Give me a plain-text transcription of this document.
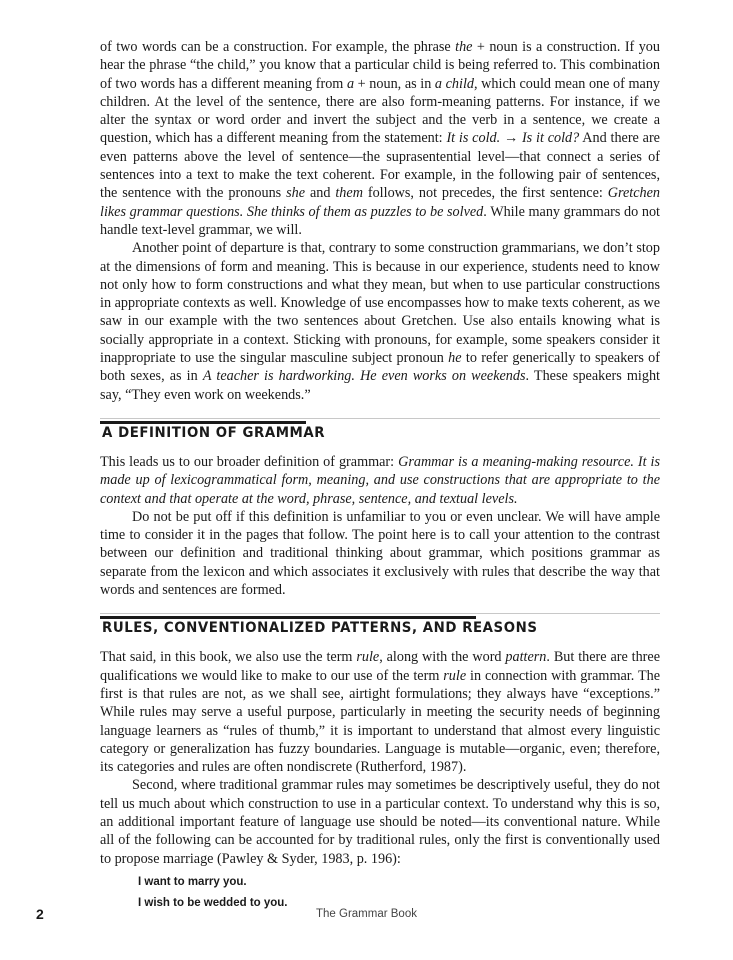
of two words can be a construction. For example, the phrase the + noun is a construction. If you hear the phrase “the child,” you know that a particular child is being referred to. This combination of two words has a different meaning from a + noun, as in a child, which could mean one of many children. At the level of the sentence, there are also form-meaning patterns. For instance, if we alter the syntax or word order and invert the subject and the verb in a sentence, we create a question, which has a different meaning from the statement: It is cold. → Is it cold? And there are even patterns above the level of sentence—the suprasentential level—that connect a series of sentences into a text to make the text coherent. For example, in the following pair of sentences, the sentence with the pronouns she and them follows, not precedes, the first sentence: Gretchen likes grammar questions. She thinks of them as puzzles to be solved. While many grammars do not handle text-level grammar, we will.

Another point of departure is that, contrary to some construction grammarians, we don’t stop at the dimensions of form and meaning. This is because in our experience, students need to know not only how to form constructions and what they mean, but when to use particular constructions in appropriate contexts as well. Knowledge of use encompasses how to make texts coherent, as we saw in our example with the two sentences about Gretchen. Use also entails knowing what is socially appropriate in a context. Sticking with pronouns, for example, some speakers consider it inappropriate to use the singular masculine subject pronoun he to refer generically to speakers of both sexes, as in A teacher is hardworking. He even works on weekends. These speakers might say, “They even work on weekends.”

A DEFINITION OF GRAMMAR

This leads us to our broader definition of grammar: Grammar is a meaning-making resource. It is made up of lexicogrammatical form, meaning, and use constructions that are appropriate to the context and that operate at the word, phrase, sentence, and textual levels.

Do not be put off if this definition is unfamiliar to you or even unclear. We will have ample time to consider it in the pages that follow. The point here is to call your attention to the contrast between our definition and traditional thinking about grammar, which positions grammar as separate from the lexicon and which associates it exclusively with rules that describe the way that words and sentences are formed.

RULES, CONVENTIONALIZED PATTERNS, AND REASONS

That said, in this book, we also use the term rule, along with the word pattern. But there are three qualifications we would like to make to our use of the term rule in connection with grammar. The first is that rules are not, as we shall see, airtight formulations; they always have “exceptions.” While rules may serve a useful purpose, particularly in meeting the security needs of beginning language learners as “rules of thumb,” it is important to understand that almost every linguistic category or generalization has fuzzy boundaries. Language is mutable—organic, even; therefore, its categories and rules are often nondiscrete (Rutherford, 1987).

Second, where traditional grammar rules may sometimes be descriptively useful, they do not tell us much about which construction to use in a particular context. To understand why this is so, an additional important feature of language use should be noted—its conventional nature. While all of the following can be accounted for by traditional rules, only the first is conventionally used to propose marriage (Pawley & Syder, 1983, p. 196):

I want to marry you.
I wish to be wedded to you.
2	The Grammar Book
